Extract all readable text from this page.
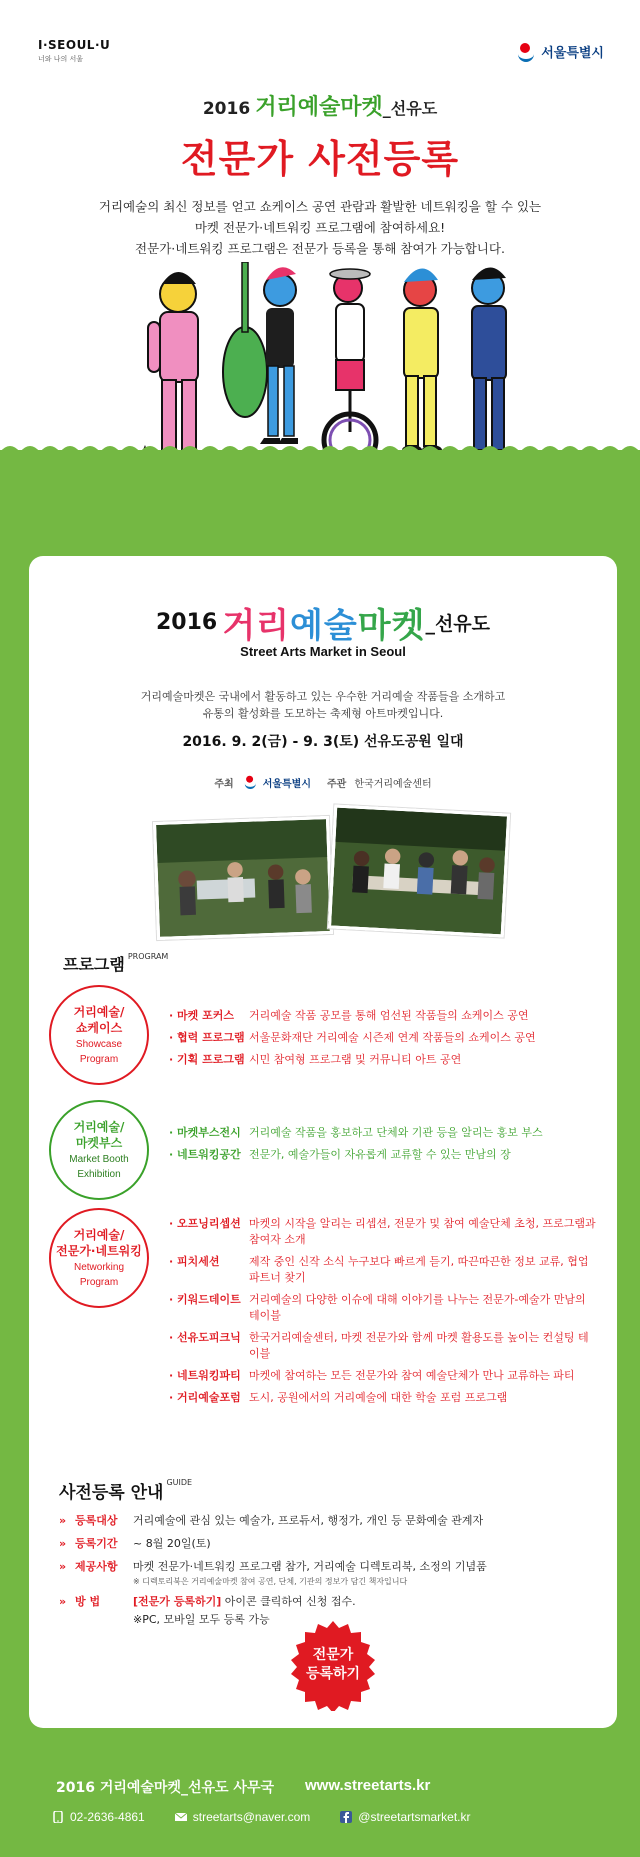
I·SEOUL·U
너와 나의 서울	서울특별시
2016 거리예술마켓_선유도
전문가 사전등록
거리예술의 최신 정보를 얻고 쇼케이스 공연 관람과 활발한 네트워킹을 할 수 있는
마켓 전문가·네트워킹 프로그램에 참여하세요!
전문가·네트워킹 프로그램은 전문가 등록을 통해 참여가 가능합니다.
2016 거리예술마켓_선유도
Street Arts Market in Seoul
거리예술마켓은 국내에서 활동하고 있는 우수한 거리예술 작품들을 소개하고
유통의 활성화를 도모하는 축제형 아트마켓입니다.
2016. 9. 2(금) - 9. 3(토) 선유도공원 일대
주최	서울특별시 주관 한국거리예술센터
프로그램 $^{PROGRAM}$
거리예술/
쇼케이스
Showcase
Program
· 마켓 포커스	거리예술 작품 공모를 통해 엄선된 작품들의 쇼케이스 공연
· 협력 프로그램 서울문화재단 거리예술 시즌제 연계 작품들의 쇼케이스 공연
· 기획 프로그램 시민 참여형 프로그램 및 커뮤니티 아트 공연
거리예술/
마켓부스
Market Booth
Exhibition
· 마켓부스전시 거리예술 작품을 홍보하고 단체와 기관 등을 알리는 홍보 부스
· 네트워킹공간 전문가, 예술가들이 자유롭게 교류할 수 있는 만남의 장
거리예술/
전문가·네트워킹
Networking
Program
· 오프닝리셉션 마켓의 시작을 알리는 리셉션, 전문가 및 참여 예술단체 초청, 프로그램과 참여자 소개
· 피치세션	제작 중인 신작 소식 누구보다 빠르게 듣기, 따끈따끈한 정보 교류, 협업 파트너 찾기
· 키워드데이트 거리예술의 다양한 이슈에 대해 이야기를 나누는 전문가-예술가 만남의 테이블
· 선유도피크닉 한국거리예술센터, 마켓 전문가와 함께 마켓 활용도를 높이는 컨설팅 테이블
· 네트워킹파티 마켓에 참여하는 모든 전문가와 참여 예술단체가 만나 교류하는 파티
· 거리예술포럼 도시, 공원에서의 거리예술에 대한 학술 포럼 프로그램
사전등록 안내$^{GUIDE}$
» 등록대상	거리예술에 관심 있는 예술가, 프로듀서, 행정가, 개인 등 문화예술 관계자
» 등록기간	~ 8월 20일(토)
» 제공사항	마켓 전문가·네트워킹 프로그램 참가, 거리예술 디렉토리북, 소정의 기념품
※ 디렉토리북은 거리예술마켓 참여 공연, 단체, 기관의 정보가 담긴 책자입니다
» 방 법	[전문가 등록하기] 아이콘 클릭하여 신청 접수.
※PC, 모바일 모두 등록 가능
전문가
등록하기
2016 거리예술마켓_선유도 사무국 www.streetarts.kr
02-2636-4861	streetarts@naver.com	@streetartsmarket.kr
